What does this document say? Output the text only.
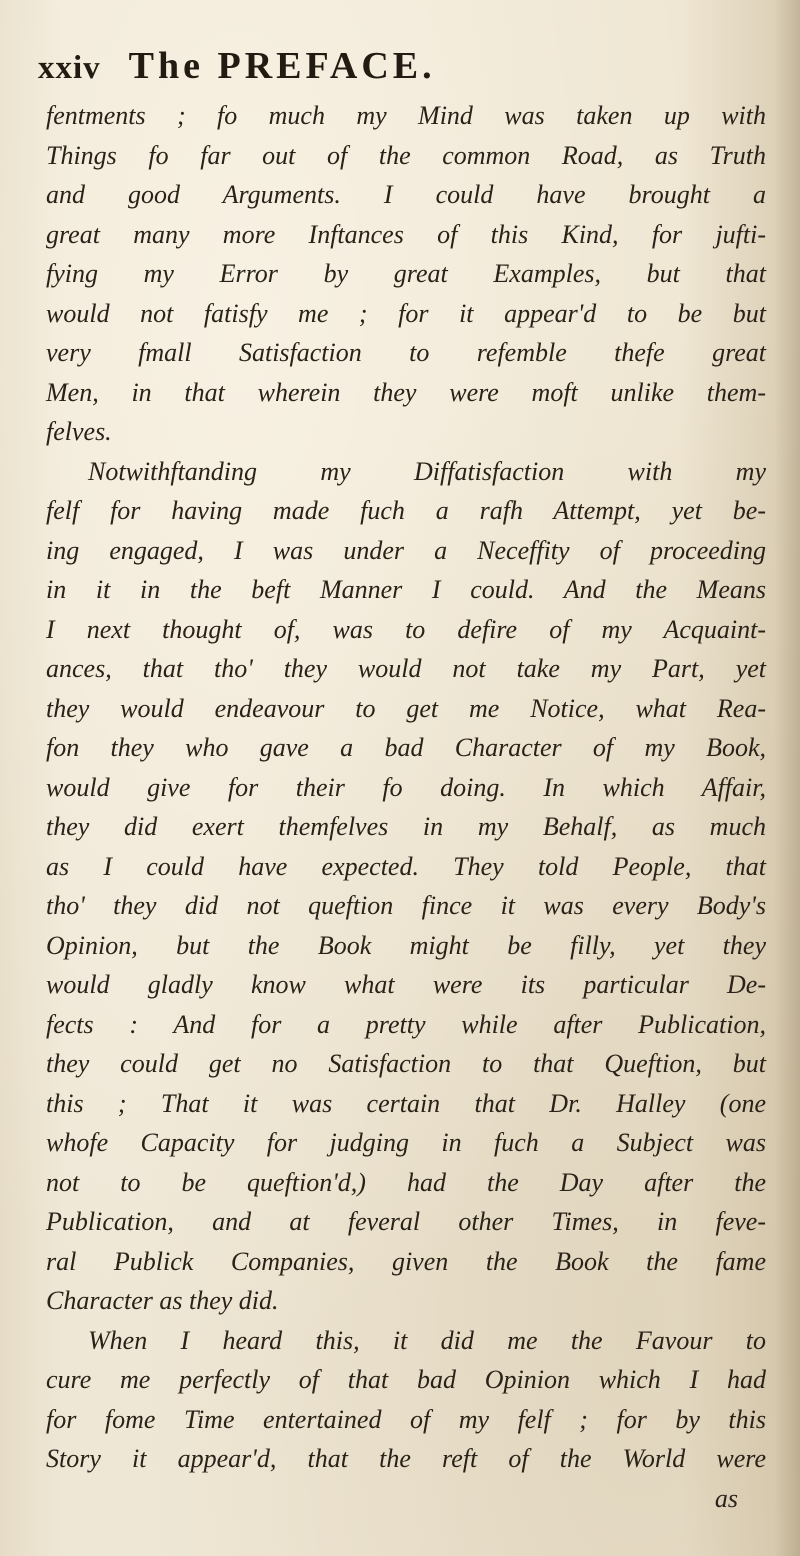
xxiv The PREFACE.
fentments ; fo much my Mind was taken up with
Things fo far out of the common Road, as Truth
and good Arguments. I could have brought a
great many more Inftances of this Kind, for jufti-
fying my Error by great Examples, but that
would not fatisfy me ; for it appear'd to be but
very fmall Satisfaction to refemble thefe great
Men, in that wherein they were moft unlike them-
felves.
Notwithftanding my Diffatisfaction with my
felf for having made fuch a rafh Attempt, yet be-
ing engaged, I was under a Neceffity of proceeding
in it in the beft Manner I could. And the Means
I next thought of, was to defire of my Acquaint-
ances, that tho' they would not take my Part, yet
they would endeavour to get me Notice, what Rea-
fon they who gave a bad Character of my Book,
would give for their fo doing. In which Affair,
they did exert themfelves in my Behalf, as much
as I could have expected. They told People, that
tho' they did not queftion fince it was every Body's
Opinion, but the Book might be filly, yet they
would gladly know what were its particular De-
fects : And for a pretty while after Publication,
they could get no Satisfaction to that Queftion, but
this ; That it was certain that Dr. Halley (one
whofe Capacity for judging in fuch a Subject was
not to be queftion'd,) had the Day after the
Publication, and at feveral other Times, in feve-
ral Publick Companies, given the Book the fame
Character as they did.
When I heard this, it did me the Favour to
cure me perfectly of that bad Opinion which I had
for fome Time entertained of my felf ; for by this
Story it appear'd, that the reft of the World were
as
